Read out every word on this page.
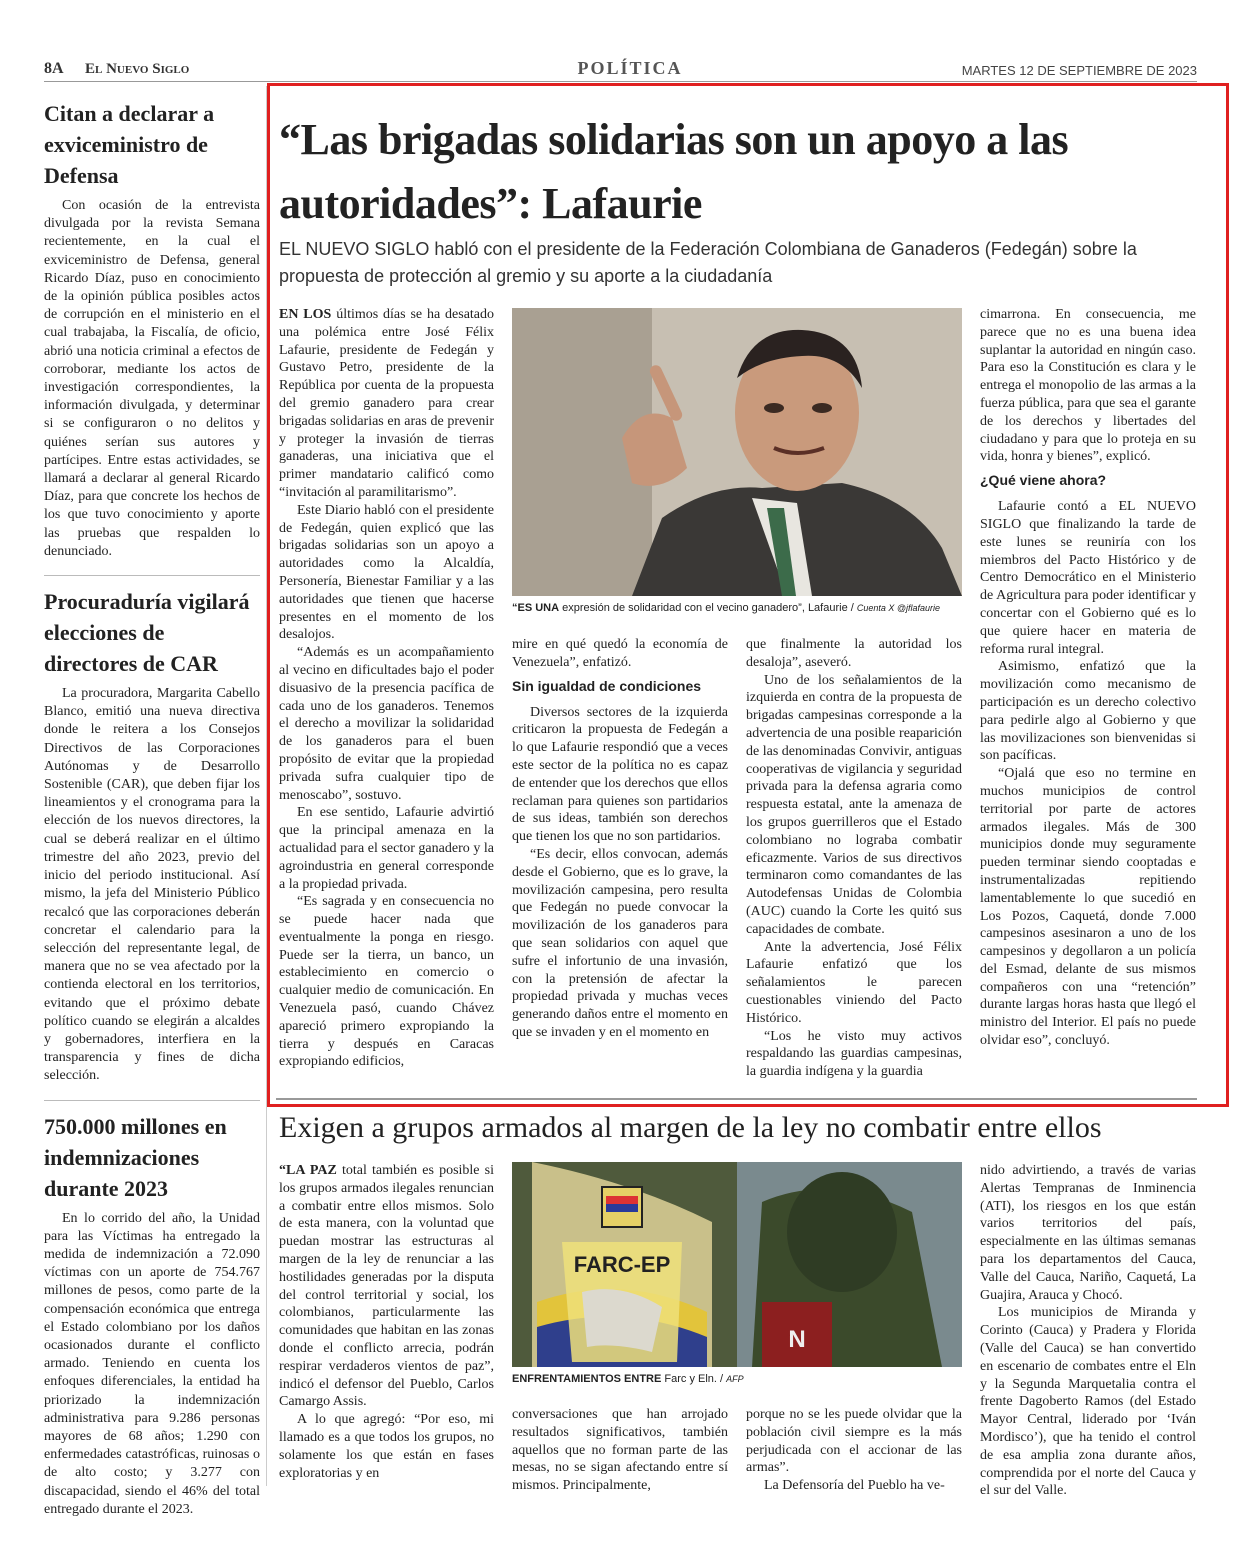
8A El Nuevo Siglo	POLÍTICA	MARTES 12 DE SEPTIEMBRE DE 2023
Citan a declarar a exviceministro de Defensa

Con ocasión de la entrevista divulgada por la revista Semana recientemente, en la cual el exviceministro de Defensa, general Ricardo Díaz, puso en conocimiento de la opinión pública posibles actos de corrupción en el ministerio en el cual trabajaba, la Fiscalía, de oficio, abrió una noticia criminal a efectos de corroborar, mediante los actos de investigación correspondientes, la información divulgada, y determinar si se configuraron o no delitos y quiénes serían sus autores y partícipes. Entre estas actividades, se llamará a declarar al general Ricardo Díaz, para que concrete los hechos de los que tuvo conocimiento y aporte las pruebas que respalden lo denunciado.

Procuraduría vigilará elecciones de directores de CAR

La procuradora, Margarita Cabello Blanco, emitió una nueva directiva donde le reitera a los Consejos Directivos de las Corporaciones Autónomas y de Desarrollo Sostenible (CAR), que deben fijar los lineamientos y el cronograma para la elección de los nuevos directores, la cual se deberá realizar en el último trimestre del año 2023, previo del inicio del periodo institucional. Así mismo, la jefa del Ministerio Público recalcó que las corporaciones deberán concretar el calendario para la selección del representante legal, de manera que no se vea afectado por la contienda electoral en los territorios, evitando que el próximo debate político cuando se elegirán a alcaldes y gobernadores, interfiera en la transparencia y fines de dicha selección.

750.000 millones en indemnizaciones durante 2023

En lo corrido del año, la Unidad para las Víctimas ha entregado la medida de indemnización a 72.090 víctimas con un aporte de 754.767 millones de pesos, como parte de la compensación económica que entrega el Estado colombiano por los daños ocasionados durante el conflicto armado. Teniendo en cuenta los enfoques diferenciales, la entidad ha priorizado la indemnización administrativa para 9.286 personas mayores de 68 años; 1.290 con enfermedades catastróficas, ruinosas o de alto costo; y 3.277 con discapacidad, siendo el 46% del total entregado durante el 2023.

“Las brigadas solidarias son un apoyo a las autoridades”: Lafaurie
EL NUEVO SIGLO habló con el presidente de la Federación Colombiana de Ganaderos (Fedegán) sobre la propuesta de protección al gremio y su aporte a la ciudadanía

EN LOS últimos días se ha desatado una polémica entre José Félix Lafaurie, presidente de Fedegán y Gustavo Petro, presidente de la República por cuenta de la propuesta del gremio ganadero para crear brigadas solidarias en aras de prevenir y proteger la invasión de tierras ganaderas, una iniciativa que el primer mandatario calificó como “invitación al paramilitarismo”.

Este Diario habló con el presidente de Fedegán, quien explicó que las brigadas solidarias son un apoyo a autoridades como la Alcaldía, Personería, Bienestar Familiar y a las autoridades que tienen que hacerse presentes en el momento de los desalojos.

“Además es un acompañamiento al vecino en dificultades bajo el poder disuasivo de la presencia pacífica de cada uno de los ganaderos. Tenemos el derecho a movilizar la solidaridad de los ganaderos para el buen propósito de evitar que la propiedad privada sufra cualquier tipo de menoscabo”, sostuvo.

En ese sentido, Lafaurie advirtió que la principal amenaza en la actualidad para el sector ganadero y la agroindustria en general corresponde a la propiedad privada.

“Es sagrada y en consecuencia no se puede hacer nada que eventualmente la ponga en riesgo. Puede ser la tierra, un banco, un establecimiento en comercio o cualquier medio de comunicación. En Venezuela pasó, cuando Chávez apareció primero expropiando la tierra y después en Caracas expropiando edificios,

“ES UNA expresión de solidaridad con el vecino ganadero”, Lafaurie / Cuenta X @jflafaurie

mire en qué quedó la economía de Venezuela”, enfatizó.

Sin igualdad de condiciones

Diversos sectores de la izquierda criticaron la propuesta de Fedegán a lo que Lafaurie respondió que a veces este sector de la política no es capaz de entender que los derechos que ellos reclaman para quienes son partidarios de sus ideas, también son derechos que tienen los que no son partidarios.

“Es decir, ellos convocan, además desde el Gobierno, que es lo grave, la movilización campesina, pero resulta que Fedegán no puede convocar la movilización de los ganaderos para que sean solidarios con aquel que sufre el infortunio de una invasión, con la pretensión de afectar la propiedad privada y muchas veces generando daños entre el momento en que se invaden y en el momento en

que finalmente la autoridad los desaloja”, aseveró.

Uno de los señalamientos de la izquierda en contra de la propuesta de brigadas campesinas corresponde a la advertencia de una posible reaparición de las denominadas Convivir, antiguas cooperativas de vigilancia y seguridad privada para la defensa agraria como respuesta estatal, ante la amenaza de los grupos guerrilleros que el Estado colombiano no lograba combatir eficazmente. Varios de sus directivos terminaron como comandantes de las Autodefensas Unidas de Colombia (AUC) cuando la Corte les quitó sus capacidades de combate.

Ante la advertencia, José Félix Lafaurie enfatizó que los señalamientos le parecen cuestionables viniendo del Pacto Histórico.

“Los he visto muy activos respaldando las guardias campesinas, la guardia indígena y la guardia

cimarrona. En consecuencia, me parece que no es una buena idea suplantar la autoridad en ningún caso. Para eso la Constitución es clara y le entrega el monopolio de las armas a la fuerza pública, para que sea el garante de los derechos y libertades del ciudadano y para que lo proteja en su vida, honra y bienes”, explicó.

¿Qué viene ahora?

Lafaurie contó a EL NUEVO SIGLO que finalizando la tarde de este lunes se reuniría con los miembros del Pacto Histórico y de Centro Democrático en el Ministerio de Agricultura para poder identificar y concertar con el Gobierno qué es lo que quiere hacer en materia de reforma rural integral.

Asimismo, enfatizó que la movilización como mecanismo de participación es un derecho colectivo para pedirle algo al Gobierno y que las movilizaciones son bienvenidas si son pacíficas.

“Ojalá que eso no termine en muchos municipios de control territorial por parte de actores armados ilegales. Más de 300 municipios donde muy seguramente pueden terminar siendo cooptadas e instrumentalizadas repitiendo lamentablemente lo que sucedió en Los Pozos, Caquetá, donde 7.000 campesinos asesinaron a uno de los campesinos y degollaron a un policía del Esmad, delante de sus mismos compañeros con una “retención” durante largas horas hasta que llegó el ministro del Interior. El país no puede olvidar eso”, concluyó.

Exigen a grupos armados al margen de la ley no combatir entre ellos

“LA PAZ total también es posible si los grupos armados ilegales renuncian a combatir entre ellos mismos. Solo de esta manera, con la voluntad que puedan mostrar las estructuras al margen de la ley de renunciar a las hostilidades generadas por la disputa del control territorial y social, los colombianos, particularmente las comunidades que habitan en las zonas donde el conflicto arrecia, podrán respirar verdaderos vientos de paz”, indicó el defensor del Pueblo, Carlos Camargo Assis.

A lo que agregó: “Por eso, mi llamado es a que todos los grupos, no solamente los que están en fases exploratorias y en

FARC-EP
N
ENFRENTAMIENTOS ENTRE Farc y Eln. / AFP

conversaciones que han arrojado resultados significativos, también aquellos que no forman parte de las mesas, no se sigan afectando entre sí mismos. Principalmente,

porque no se les puede olvidar que la población civil siempre es la más perjudicada con el accionar de las armas”.

La Defensoría del Pueblo ha ve-

nido advirtiendo, a través de varias Alertas Tempranas de Inminencia (ATI), los riesgos en los que están varios territorios del país, especialmente en las últimas semanas para los departamentos del Cauca, Valle del Cauca, Nariño, Caquetá, La Guajira, Arauca y Chocó.

Los municipios de Miranda y Corinto (Cauca) y Pradera y Florida (Valle del Cauca) se han convertido en escenario de combates entre el Eln y la Segunda Marquetalia contra el frente Dagoberto Ramos (del Estado Mayor Central, liderado por ‘Iván Mordisco’), que ha tenido el control de esa amplia zona durante años, comprendida por el norte del Cauca y el sur del Valle.
